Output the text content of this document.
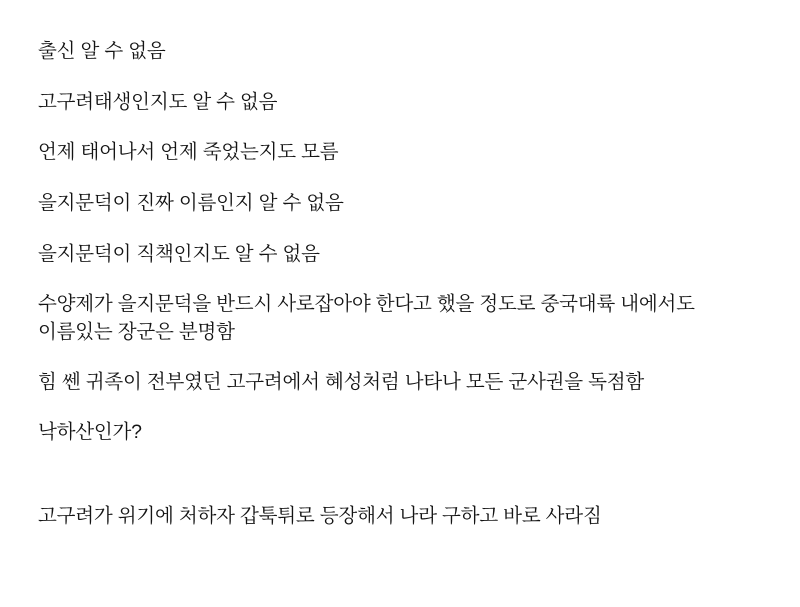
출신 알 수 없음

고구려태생인지도 알 수 없음

언제 태어나서 언제 죽었는지도 모름

을지문덕이 진짜 이름인지 알 수 없음

을지문덕이 직책인지도 알 수 없음

수양제가 을지문덕을 반드시 사로잡아야 한다고 했을 정도로 중국대륙 내에서도 이름있는 장군은 분명함

힘 쎈 귀족이 전부였던 고구려에서 혜성처럼 나타나 모든 군사권을 독점함

낙하산인가?

고구려가 위기에 처하자 갑툭튀로 등장해서 나라 구하고 바로 사라짐
